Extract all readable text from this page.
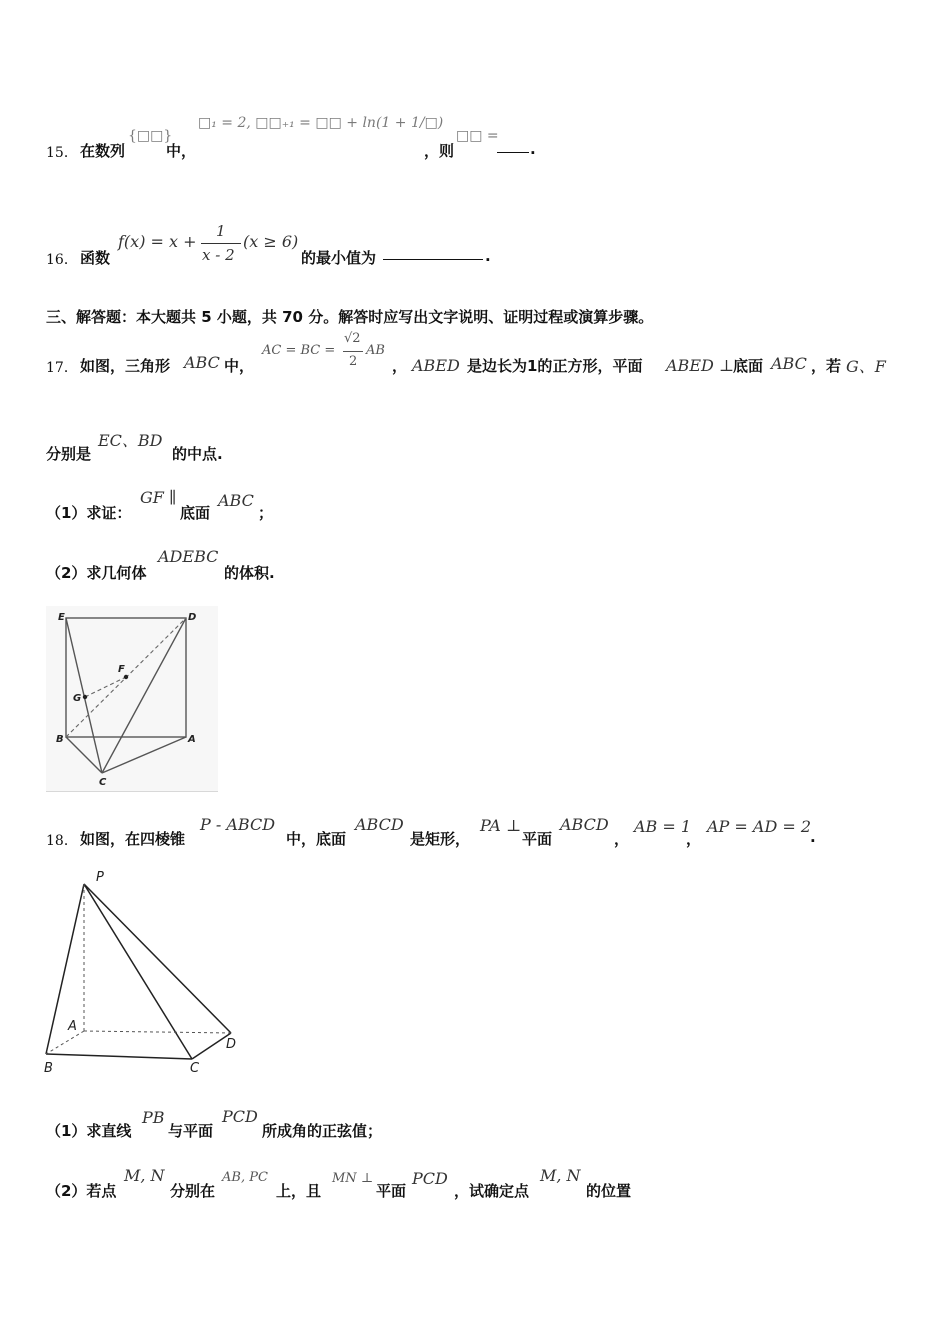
15． 在数列
{□□}
中，
□₁ = 2, □□₊₁ = □□ + ln(1 + 1/□)
，则
□□ =
.
16． 函数
f(x) = x +
1
x - 2
(x ≥ 6)
的最小值为	.
三、解答题：本大题共 5 小题，共 70 分。解答时应写出文字说明、证明过程或演算步骤。
17． 如图，三角形 ABC 中，
AC = BC =
√2
2
AB
， ABED 是边长为1的正方形，平面 ABED ⊥ 底面 ABC ，若 G、F
分别是
EC、BD
的中点.
（1）求证：
GF ∥
底面
ABC
；
（2）求几何体
ADEBC
的体积.
E	D
F
G
B	A
C
18． 如图，在四棱锥
P - ABCD
中，底面
ABCD
是矩形，
PA ⊥
平面
ABCD
，
AB = 1
，
AP = AD = 2
.
（1）求直线
PB
与平面
PCD
所成角的正弦值；
（2）若点
M, N
分别在
AB, PC
上，且
MN ⊥
平面
PCD
，试确定点
M, N
的位置
P
A
B	C
D
